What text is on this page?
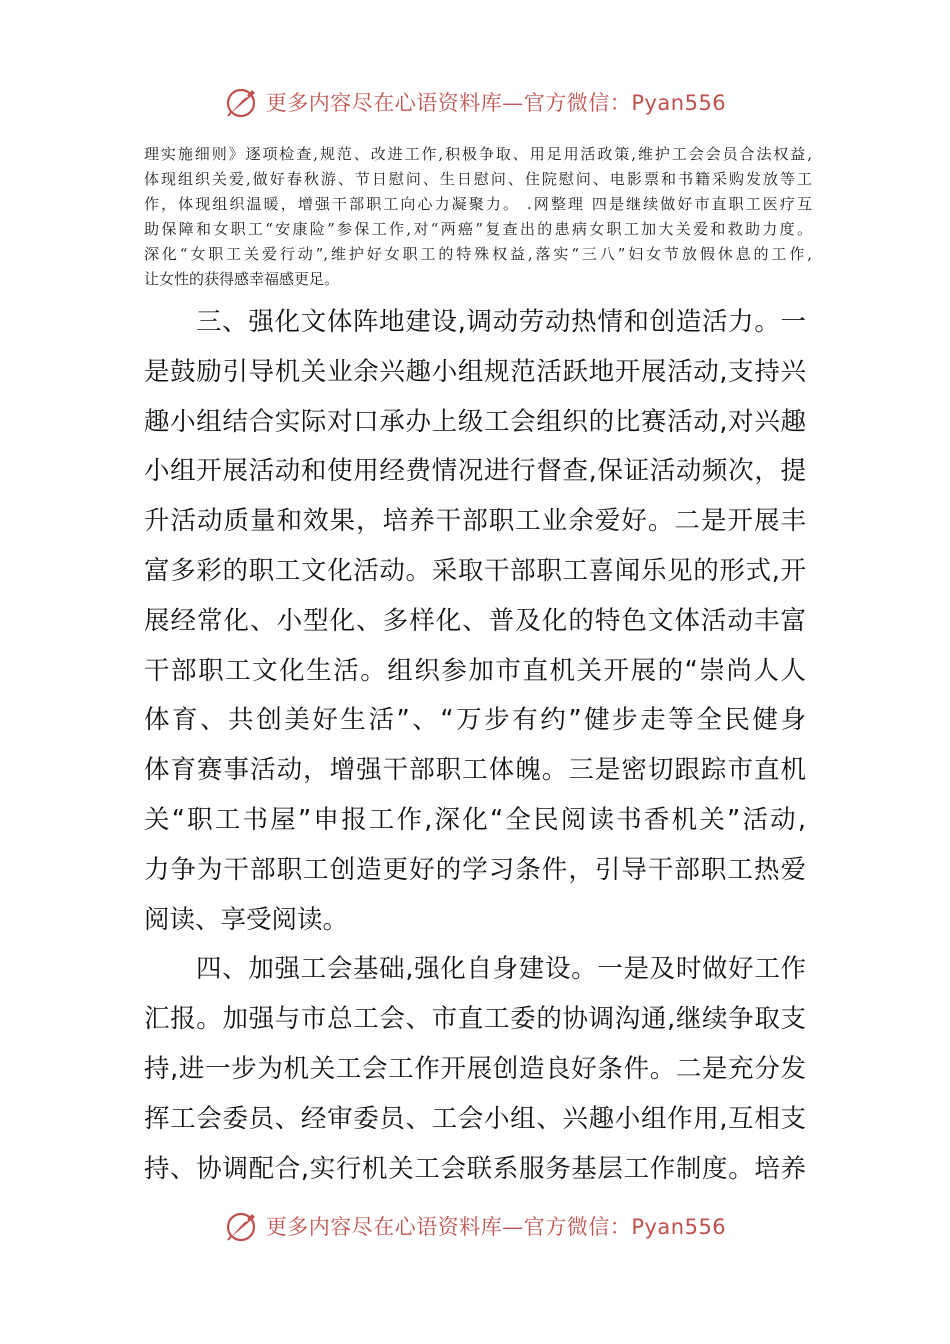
更多内容尽在心语资料库—官方微信：Pyan556
理实施细则》逐项检查,规范、改进工作,积极争取、用足用活政策,维护工会会员合法权益,
体现组织关爱,做好春秋游、节日慰问、生日慰问、住院慰问、电影票和书籍采购发放等工
作，体现组织温暖，增强干部职工向心力凝聚力。 .网整理 四是继续做好市直职工医疗互
助保障和女职工“安康险”参保工作,对“两癌”复查出的患病女职工加大关爱和救助力度。
深化“女职工关爱行动”,维护好女职工的特殊权益,落实“三八”妇女节放假休息的工作,
让女性的获得感幸福感更足。
三、强化文体阵地建设,调动劳动热情和创造活力。一
是鼓励引导机关业余兴趣小组规范活跃地开展活动,支持兴
趣小组结合实际对口承办上级工会组织的比赛活动,对兴趣
小组开展活动和使用经费情况进行督查,保证活动频次，提
升活动质量和效果，培养干部职工业余爱好。二是开展丰
富多彩的职工文化活动。采取干部职工喜闻乐见的形式,开
展经常化、小型化、多样化、普及化的特色文体活动丰富
干部职工文化生活。组织参加市直机关开展的“崇尚人人
体育、共创美好生活”、“万步有约”健步走等全民健身
体育赛事活动，增强干部职工体魄。三是密切跟踪市直机
关“职工书屋”申报工作,深化“全民阅读书香机关”活动,
力争为干部职工创造更好的学习条件，引导干部职工热爱
阅读、享受阅读。
四、加强工会基础,强化自身建设。一是及时做好工作
汇报。加强与市总工会、市直工委的协调沟通,继续争取支
持,进一步为机关工会工作开展创造良好条件。二是充分发
挥工会委员、经审委员、工会小组、兴趣小组作用,互相支
持、协调配合,实行机关工会联系服务基层工作制度。培养
更多内容尽在心语资料库—官方微信：Pyan556
